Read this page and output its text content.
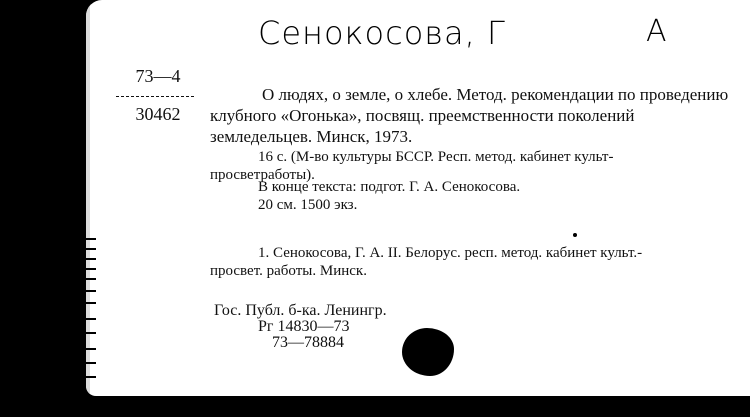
Сенокосова, Г	А
73—4
30462
О людях, о земле, о хлебе. Метод. рекомендации по проведению клубного «Огонька», посвящ. преемственности поколений земледельцев. Минск, 1973.
16 с. (М-во культуры БССР. Респ. метод. кабинет культ-
просветработы).
В конце текста: подгот. Г. А. Сенокосова.
20 см. 1500 экз.
1. Сенокосова, Г. А. II. Белорус. респ. метод. кабинет культ.-
просвет. работы. Минск.
Гос. Публ. б-ка. Ленингр.
Рг 14830—73
73—78884
